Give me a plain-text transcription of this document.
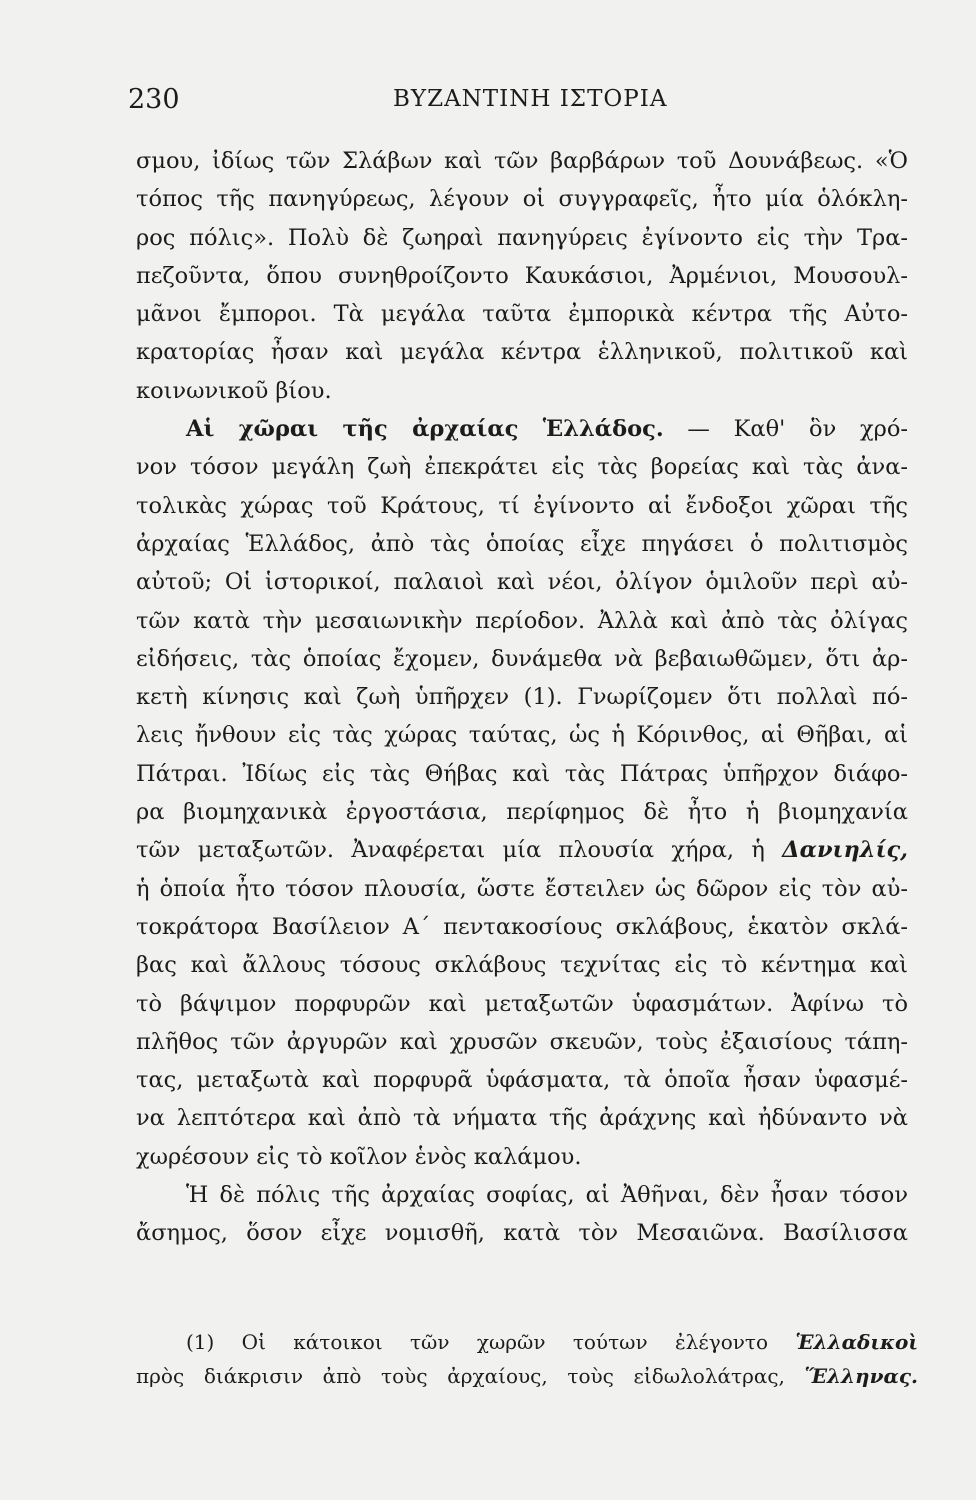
230	ΒΥΖΑΝΤΙΝΗ ΙΣΤΟΡΙΑ
σμου, ἰδίως τῶν Σλάβων καὶ τῶν βαρβάρων τοῦ Δουνάβεως. «Ὁ
τόπος τῆς πανηγύρεως, λέγουν οἱ συγγραφεῖς, ἦτο μία ὁλόκλη-
ρος πόλις». Πολὺ δὲ ζωηραὶ πανηγύρεις ἐγίνοντο εἰς τὴν Τρα-
πεζοῦντα, ὅπου συνηθροίζοντο Καυκάσιοι, Ἀρμένιοι, Μουσουλ-
μᾶνοι ἔμποροι. Τὰ μεγάλα ταῦτα ἐμπορικὰ κέντρα τῆς Αὐτο-
κρατορίας ἦσαν καὶ μεγάλα κέντρα ἑλληνικοῦ, πολιτικοῦ καὶ
κοινωνικοῦ βίου.
Αἱ χῶραι τῆς ἀρχαίας Ἑλλάδος. — Καθ' ὃν χρό-
νον τόσον μεγάλη ζωὴ ἐπεκράτει εἰς τὰς βορείας καὶ τὰς ἀνα-
τολικὰς χώρας τοῦ Κράτους, τί ἐγίνοντο αἱ ἔνδοξοι χῶραι τῆς
ἀρχαίας Ἑλλάδος, ἀπὸ τὰς ὁποίας εἶχε πηγάσει ὁ πολιτισμὸς
αὐτοῦ; Οἱ ἱστορικοί, παλαιοὶ καὶ νέοι, ὀλίγον ὁμιλοῦν περὶ αὐ-
τῶν κατὰ τὴν μεσαιωνικὴν περίοδον. Ἀλλὰ καὶ ἀπὸ τὰς ὀλίγας
εἰδήσεις, τὰς ὁποίας ἔχομεν, δυνάμεθα νὰ βεβαιωθῶμεν, ὅτι ἀρ-
κετὴ κίνησις καὶ ζωὴ ὑπῆρχεν (1). Γνωρίζομεν ὅτι πολλαὶ πό-
λεις ἤνθουν εἰς τὰς χώρας ταύτας, ὡς ἡ Κόρινθος, αἱ Θῆβαι, αἱ
Πάτραι. Ἰδίως εἰς τὰς Θήβας καὶ τὰς Πάτρας ὑπῆρχον διάφο-
ρα βιομηχανικὰ ἐργοστάσια, περίφημος δὲ ἦτο ἡ βιομηχανία
τῶν μεταξωτῶν. Ἀναφέρεται μία πλουσία χήρα, ἡ Δανιηλίς,
ἡ ὁποία ἦτο τόσον πλουσία, ὥστε ἔστειλεν ὡς δῶρον εἰς τὸν αὐ-
τοκράτορα Βασίλειον Α΄ πεντακοσίους σκλάβους, ἑκατὸν σκλά-
βας καὶ ἄλλους τόσους σκλάβους τεχνίτας εἰς τὸ κέντημα καὶ
τὸ βάψιμον πορφυρῶν καὶ μεταξωτῶν ὑφασμάτων. Ἀφίνω τὸ
πλῆθος τῶν ἀργυρῶν καὶ χρυσῶν σκευῶν, τοὺς ἐξαισίους τάπη-
τας, μεταξωτὰ καὶ πορφυρᾶ ὑφάσματα, τὰ ὁποῖα ἦσαν ὑφασμέ-
να λεπτότερα καὶ ἀπὸ τὰ νήματα τῆς ἀράχνης καὶ ἠδύναντο νὰ
χωρέσουν εἰς τὸ κοῖλον ἑνὸς καλάμου.
Ἡ δὲ πόλις τῆς ἀρχαίας σοφίας, αἱ Ἀθῆναι, δὲν ἦσαν τόσον
ἄσημος, ὅσον εἶχε νομισθῆ, κατὰ τὸν Μεσαιῶνα. Βασίλισσα
(1) Οἱ κάτοικοι τῶν χωρῶν τούτων ἐλέγοντο Ἑλλαδικοὶ
πρὸς διάκρισιν ἀπὸ τοὺς ἀρχαίους, τοὺς εἰδωλολάτρας, Ἕλληνας.
